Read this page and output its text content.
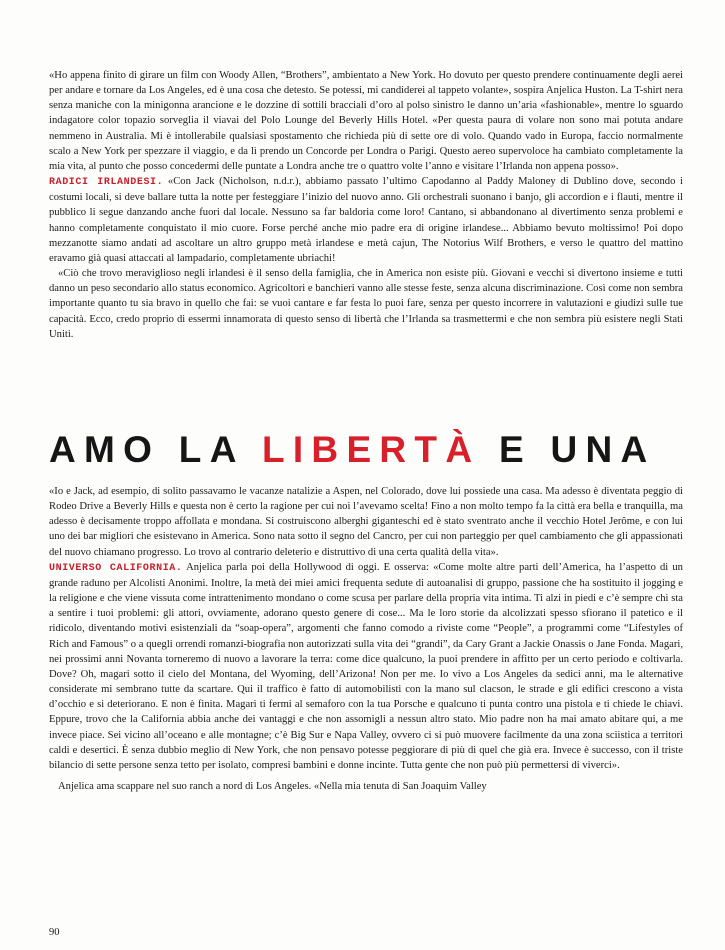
«Ho appena finito di girare un film con Woody Allen, “Brothers”, ambientato a New York. Ho dovuto per questo prendere continuamente degli aerei per andare e tornare da Los Angeles, ed è una cosa che detesto. Se potessi, mi candiderei al tappeto volante», sospira Anjelica Huston. La T-shirt nera senza maniche con la minigonna arancione e le dozzine di sottili bracciali d’oro al polso sinistro le danno un’aria «fashionable», mentre lo sguardo indagatore color topazio sorveglia il viavai del Polo Lounge del Beverly Hills Hotel. «Per questa paura di volare non sono mai potuta andare nemmeno in Australia. Mi è intollerabile qualsiasi spostamento che richieda più di sette ore di volo. Quando vado in Europa, faccio normalmente scalo a New York per spezzare il viaggio, e da lì prendo un Concorde per Londra o Parigi. Questo aereo supervoloce ha cambiato completamente la mia vita, al punto che posso concedermi delle puntate a Londra anche tre o quattro volte l’anno e visitare l’Irlanda non appena posso».

RADICI IRLANDESI. «Con Jack (Nicholson, n.d.r.), abbiamo passato l’ultimo Capodanno al Paddy Maloney di Dublino dove, secondo i costumi locali, si deve ballare tutta la notte per festeggiare l’inizio del nuovo anno. Gli orchestrali suonano i banjo, gli accordion e i flauti, mentre il pubblico li segue danzando anche fuori dal locale. Nessuno sa far baldoria come loro! Cantano, si abbandonano al divertimento senza problemi e hanno completamente conquistato il mio cuore. Forse perché anche mio padre era di origine irlandese... Abbiamo bevuto moltissimo! Poi dopo mezzanotte siamo andati ad ascoltare un altro gruppo metà irlandese e metà cajun, The Notorius Wilf Brothers, e verso le quattro del mattino eravamo già quasi attaccati al lampadario, completamente ubriachi!

«Ciò che trovo meraviglioso negli irlandesi è il senso della famiglia, che in America non esiste più. Giovani e vecchi si divertono insieme e tutti danno un peso secondario allo status economico. Agricoltori e banchieri vanno alle stesse feste, senza alcuna discriminazione. Così come non sembra importante quanto tu sia bravo in quello che fai: se vuoi cantare e far festa lo puoi fare, senza per questo incorrere in valutazioni e giudizi sulle tue capacità. Ecco, credo proprio di essermi innamorata di questo senso di libertà che l’Irlanda sa trasmettermi e che non sembra più esistere negli Stati Uniti.

AMO LA LIBERTÀ E UNA

«Io e Jack, ad esempio, di solito passavamo le vacanze natalizie a Aspen, nel Colorado, dove lui possiede una casa. Ma adesso è diventata peggio di Rodeo Drive a Beverly Hills e questa non è certo la ragione per cui noi l’avevamo scelta! Fino a non molto tempo fa la città era bella e tranquilla, ma adesso è decisamente troppo affollata e mondana. Si costruiscono alberghi giganteschi ed è stato sventrato anche il vecchio Hotel Jerôme, e con lui uno dei bar migliori che esistevano in America. Sono nata sotto il segno del Cancro, per cui non parteggio per quel cambiamento che gli appassionati del nuovo chiamano progresso. Lo trovo al contrario deleterio e distruttivo di una certa qualità della vita».

UNIVERSO CALIFORNIA. Anjelica parla poi della Hollywood di oggi. E osserva: «Come molte altre parti dell’America, ha l’aspetto di un grande raduno per Alcolisti Anonimi. Inoltre, la metà dei miei amici frequenta sedute di autoanalisi di gruppo, passione che ha sostituito il jogging e la religione e che viene vissuta come intrattenimento mondano o come scusa per parlare della propria vita intima. Ti alzi in piedi e c’è sempre chi sta a sentire i tuoi problemi: gli attori, ovviamente, adorano questo genere di cose... Ma le loro storie da alcolizzati spesso sfiorano il patetico e il ridicolo, diventando motivi esistenziali da “soap-opera”, argomenti che fanno comodo a riviste come “People”, a programmi come “Lifestyles of Rich and Famous” o a quegli orrendi romanzi-biografia non autorizzati sulla vita dei “grandi”, da Cary Grant a Jackie Onassis o Jane Fonda. Magari, nei prossimi anni Novanta torneremo di nuovo a lavorare la terra: come dice qualcuno, la puoi prendere in affitto per un certo periodo e coltivarla. Dove? Oh, magari sotto il cielo del Montana, del Wyoming, dell’Arizona! Non per me. Io vivo a Los Angeles da sedici anni, ma le alternative considerate mi sembrano tutte da scartare. Qui il traffico è fatto di automobilisti con la mano sul clacson, le strade e gli edifici crescono a vista d’occhio e si deteriorano. E non è finita. Magari ti fermi al semaforo con la tua Porsche e qualcuno ti punta contro una pistola e ti chiede le chiavi. Eppure, trovo che la California abbia anche dei vantaggi e che non assomigli a nessun altro stato. Mio padre non ha mai amato abitare qui, a me invece piace. Sei vicino all’oceano e alle montagne; c’è Big Sur e Napa Valley, ovvero ci si può muovere facilmente da una zona sciistica a territori caldi e desertici. È senza dubbio meglio di New York, che non pensavo potesse peggiorare di più di quel che già era. Invece è successo, con il triste bilancio di sette persone senza tetto per isolato, compresi bambini e donne incinte. Tutta gente che non può più permettersi di viverci».

Anjelica ama scappare nel suo ranch a nord di Los Angeles. «Nella mia tenuta di San Joaquim Valley

90
